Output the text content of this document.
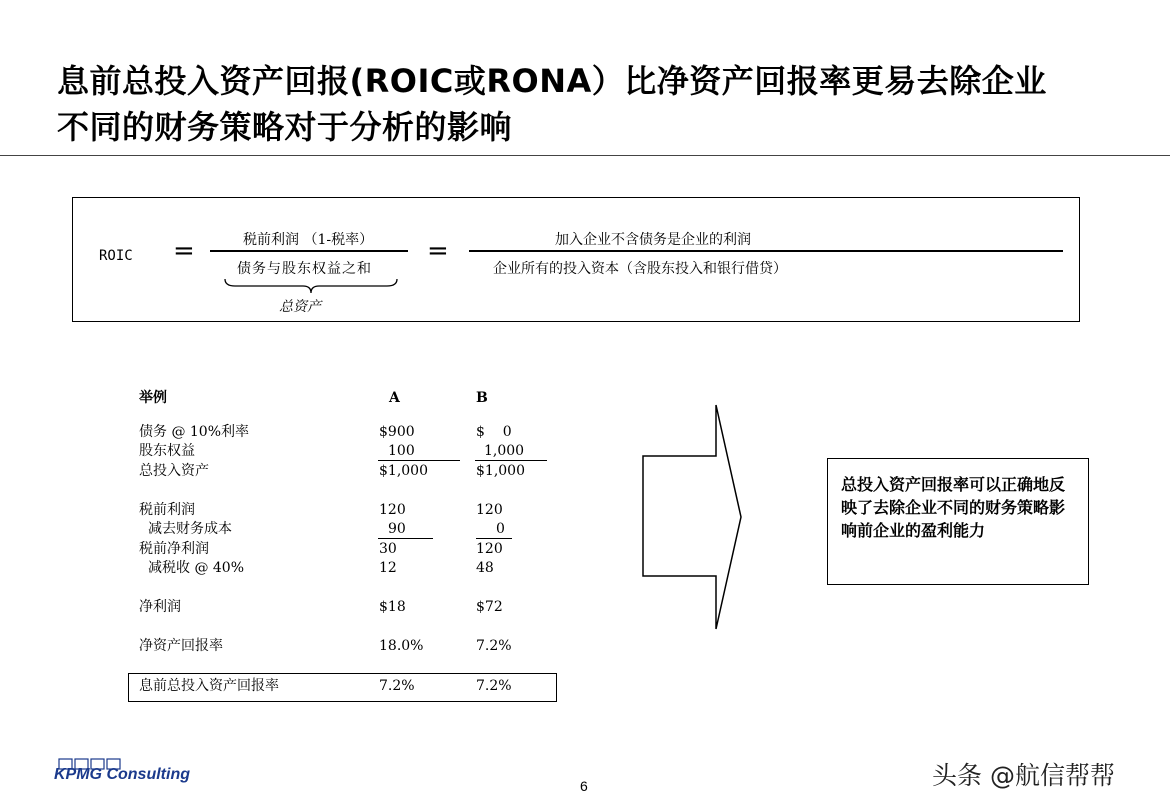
息前总投入资产回报(ROIC或RONA）比净资产回报率更易去除企业
不同的财务策略对于分析的影响
ROIC =	税前利润 （1-税率）
债务与股东权益之和
总资产
=	加入企业不含债务是企业的利润
企业所有的投入资本（含股东投入和银行借贷）
举例	A	B
债务 @ 10%利率	$900	$    0
股东权益	100	1,000
总投入资产	$1,000	$1,000
税前利润	120	120
减去财务成本	90	0
税前净利润	30	120
减税收 @ 40%	12	48
净利润	$18	$72
净资产回报率	18.0%	7.2%
息前总投入资产回报率	7.2%	7.2%
总投入资产回报率可以正确地反映了去除企业不同的财务策略影响前企业的盈利能力
KPMG Consulting
6	头条 @航信帮帮
